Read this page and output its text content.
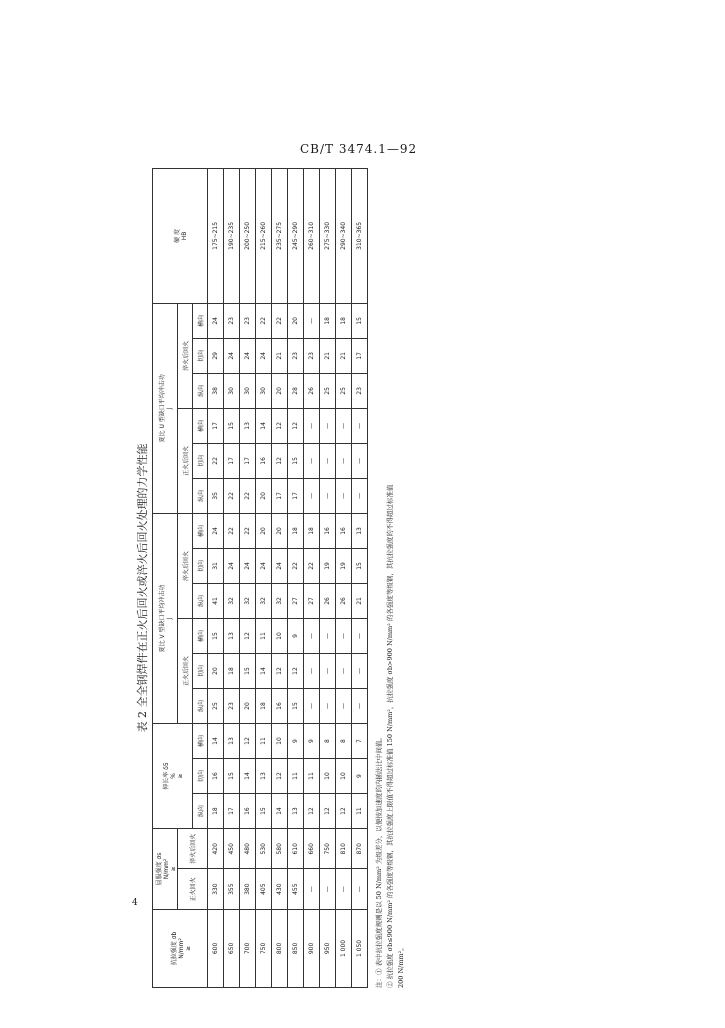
CB/T 3474.1—92
4
表 2 全全钢焊件在正火后回火或淬火后回火处理的力学性能
抗拉强度 σb
N/mm²
≥	屈服强度 σs
N/mm²
≥		伸长率 δ5
%
≥			夏比 V 型缺口平均冲击功
J						夏比 U 型缺口平均冲击功
J						硬 度
HB
	正火回火	淬火后回火				正火后回火			淬火后回火			正火后回火			淬火后回火			
			纵向	切向	横向	纵向	切向	横向	纵向	切向	横向	纵向	切向	横向	纵向	切向	横向	
600	330	420	18	16	14	25	20	15	41	31	24	35	22	17	38	29	24	175~215
650	355	450	17	15	13	23	18	13	32	24	22	22	17	15	30	24	23	190~235
700	380	480	16	14	12	20	15	12	32	24	22	22	17	13	30	24	23	200~250
750	405	530	15	13	11	18	14	11	32	24	20	20	16	14	30	24	22	215~260
800	430	580	14	12	10	16	12	10	32	24	20	17	12	12	20	21	22	235~275
850	455	610	13	11	9	15	12	9	27	22	18	17	15	12	28	23	20	245~290
900	—	660	12	11	9	—	—	—	27	22	18	—	—	—	26	23	—	260~310
950	—	750	12	10	8	—	—	—	26	19	16	—	—	—	25	21	18	275~330
1 000	—	810	12	10	8	—	—	—	26	19	16	—	—	—	25	21	18	290~340
1 050	—	870	11	9	7	—	—	—	21	15	13	—	—	—	23	17	15	310~365
注：① 表中抗拉强度规则是以 50 N/mm² 为级差分，以便按加速度的内插法比中间值。 ② 抗拉强度 σb≤900 N/mm² 的各强度等级钢，其抗拉强度上限值不得超过标准值 150 N/mm²，抗拉强度 σb>900 N/mm² 的各强度等级钢，其抗拉强度的不得超过标准值 200 N/mm²。
